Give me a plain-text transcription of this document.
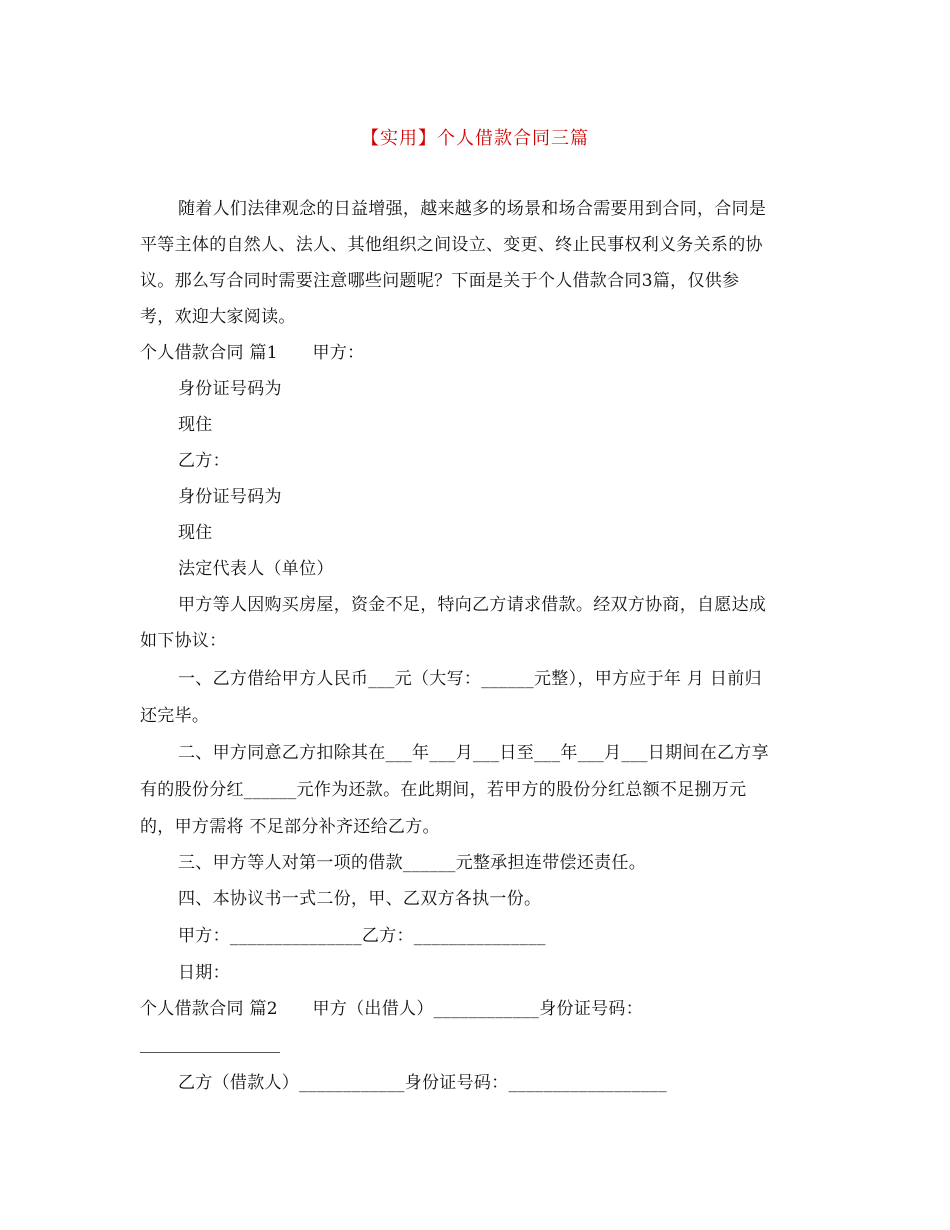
【实用】个人借款合同三篇
随着人们法律观念的日益增强，越来越多的场景和场合需要用到合同，合同是
平等主体的自然人、法人、其他组织之间设立、变更、终止民事权利义务关系的协
议。那么写合同时需要注意哪些问题呢？下面是关于个人借款合同3篇，仅供参
考，欢迎大家阅读。
个人借款合同 篇1　　甲方：
身份证号码为
现住
乙方：
身份证号码为
现住
法定代表人（单位）
甲方等人因购买房屋，资金不足，特向乙方请求借款。经双方协商，自愿达成
如下协议：
一、乙方借给甲方人民币___元（大写：______元整），甲方应于年 月 日前归
还完毕。
二、甲方同意乙方扣除其在___年___月___日至___年___月___日期间在乙方享
有的股份分红______元作为还款。在此期间，若甲方的股份分红总额不足捌万元
的，甲方需将 不足部分补齐还给乙方。
三、甲方等人对第一项的借款______元整承担连带偿还责任。
四、本协议书一式二份，甲、乙双方各执一份。
甲方：_______________乙方：_______________
日期：
个人借款合同 篇2　　甲方（出借人）____________身份证号码：
乙方（借款人）____________身份证号码：__________________
